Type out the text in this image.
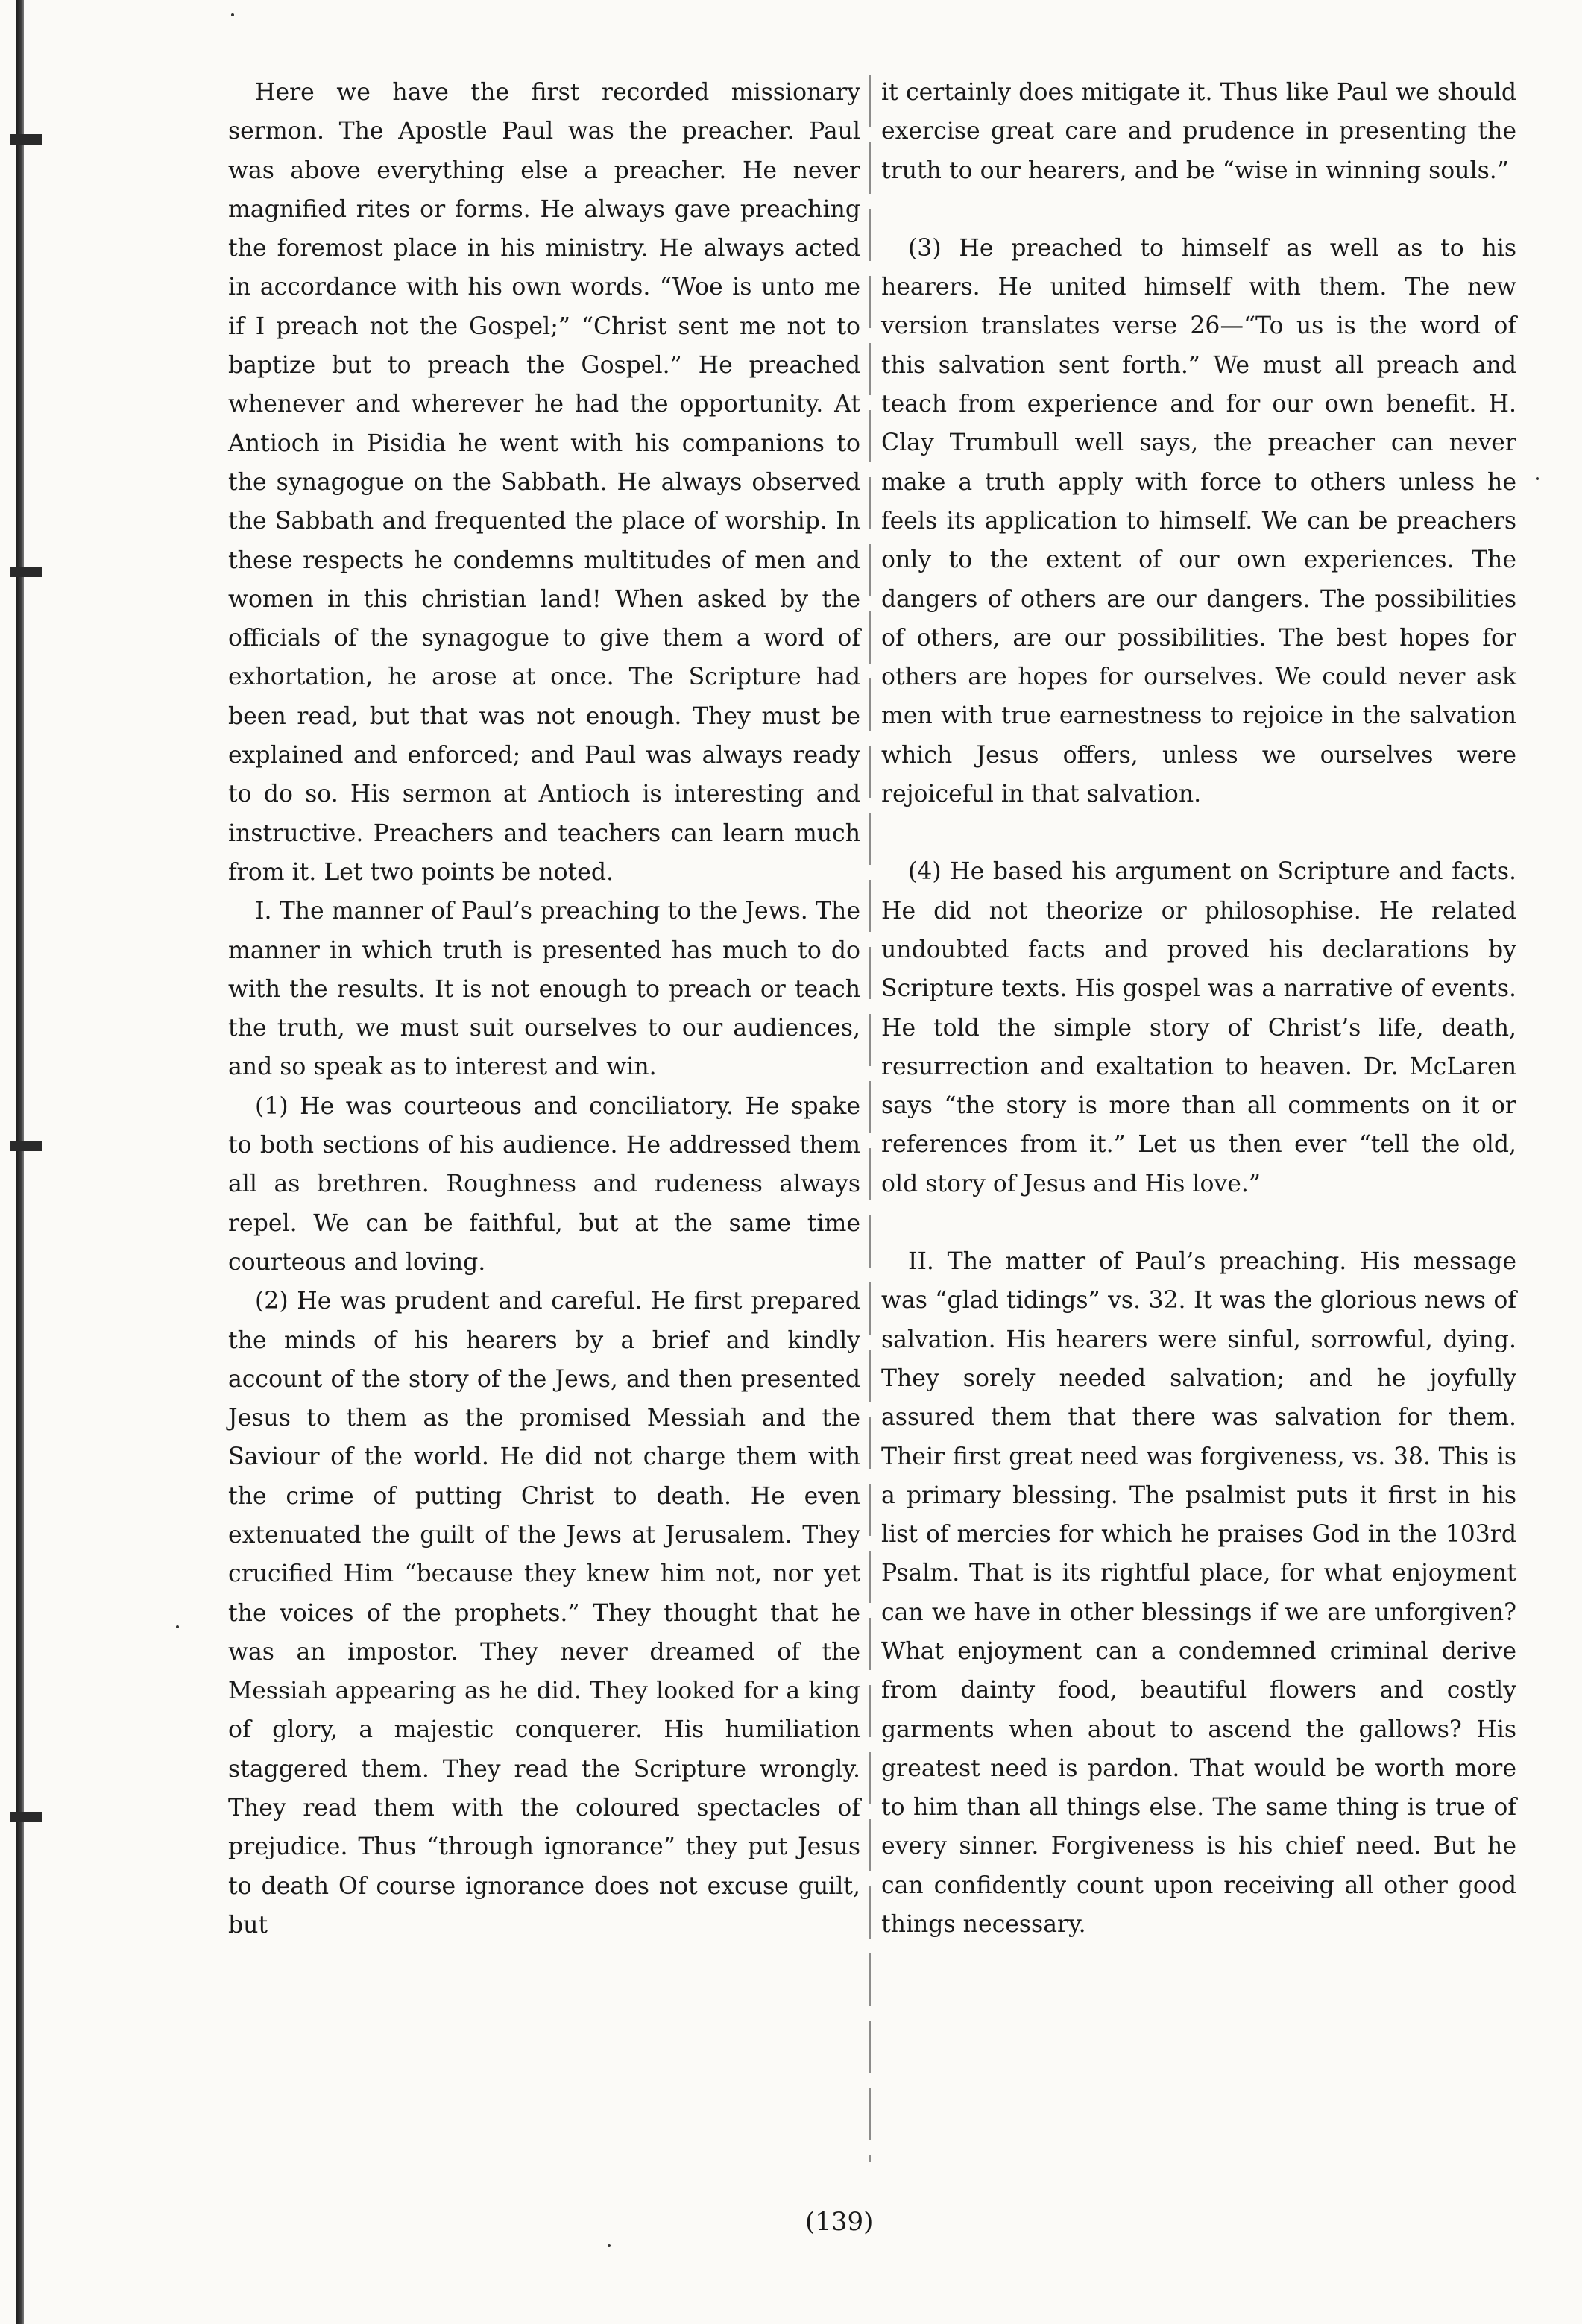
Here we have the first recorded missionary sermon. The Apostle Paul was the preacher. Paul was above everything else a preacher. He never magnified rites or forms. He always gave preaching the foremost place in his ministry. He always acted in accordance with his own words. “Woe is unto me if I preach not the Gospel;” “Christ sent me not to baptize but to preach the Gospel.” He preached whenever and wherever he had the opportunity. At Antioch in Pisidia he went with his companions to the synagogue on the Sabbath. He always observed the Sabbath and frequented the place of worship. In these respects he condemns multitudes of men and women in this christian land! When asked by the officials of the synagogue to give them a word of exhortation, he arose at once. The Scripture had been read, but that was not enough. They must be explained and enforced; and Paul was always ready to do so. His sermon at Antioch is interesting and instructive. Preachers and teachers can learn much from it. Let two points be noted.

I. The manner of Paul’s preaching to the Jews. The manner in which truth is presented has much to do with the results. It is not enough to preach or teach the truth, we must suit ourselves to our audiences, and so speak as to interest and win.

(1) He was courteous and conciliatory. He spake to both sections of his audience. He addressed them all as brethren. Roughness and rudeness always repel. We can be faithful, but at the same time courteous and loving.

(2) He was prudent and careful. He first prepared the minds of his hearers by a brief and kindly account of the story of the Jews, and then presented Jesus to them as the promised Messiah and the Saviour of the world. He did not charge them with the crime of putting Christ to death. He even extenuated the guilt of the Jews at Jerusalem. They crucified Him “because they knew him not, nor yet the voices of the prophets.” They thought that he was an impostor. They never dreamed of the Messiah appearing as he did. They looked for a king of glory, a majestic conquerer. His humiliation staggered them. They read the Scripture wrongly. They read them with the coloured spectacles of prejudice. Thus “through ignorance” they put Jesus to death Of course ignorance does not excuse guilt, but

it certainly does mitigate it. Thus like Paul we should exercise great care and prudence in presenting the truth to our hearers, and be “wise in winning souls.”

(3) He preached to himself as well as to his hearers. He united himself with them. The new version translates verse 26—“To us is the word of this salvation sent forth.” We must all preach and teach from experience and for our own benefit. H. Clay Trumbull well says, the preacher can never make a truth apply with force to others unless he feels its application to himself. We can be preachers only to the extent of our own experiences. The dangers of others are our dangers. The possibilities of others, are our possibilities. The best hopes for others are hopes for ourselves. We could never ask men with true earnestness to rejoice in the salvation which Jesus offers, unless we ourselves were rejoiceful in that salvation.

(4) He based his argument on Scripture and facts. He did not theorize or philosophise. He related undoubted facts and proved his declarations by Scripture texts. His gospel was a narrative of events. He told the simple story of Christ’s life, death, resurrection and exaltation to heaven. Dr. McLaren says “the story is more than all comments on it or references from it.” Let us then ever “tell the old, old story of Jesus and His love.”

II. The matter of Paul’s preaching. His message was “glad tidings” vs. 32. It was the glorious news of salvation. His hearers were sinful, sorrowful, dying. They sorely needed salvation; and he joyfully assured them that there was salvation for them. Their first great need was forgiveness, vs. 38. This is a primary blessing. The psalmist puts it first in his list of mercies for which he praises God in the 103rd Psalm. That is its rightful place, for what enjoyment can we have in other blessings if we are unforgiven? What enjoyment can a condemned criminal derive from dainty food, beautiful flowers and costly garments when about to ascend the gallows? His greatest need is pardon. That would be worth more to him than all things else. The same thing is true of every sinner. Forgiveness is his chief need. But he can confidently count upon receiving all other good things necessary.

(139)
